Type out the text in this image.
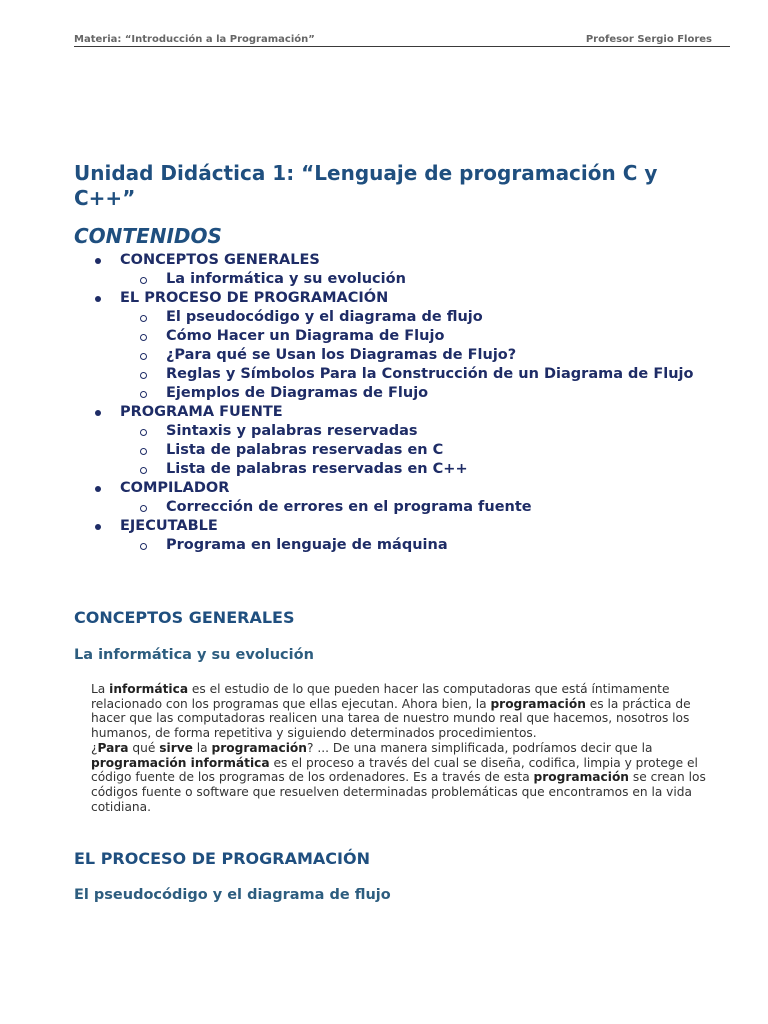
Materia: “Introducción a la Programación”	Profesor Sergio Flores
Unidad Didáctica 1: “Lenguaje de programación C y C++”
CONTENIDOS
CONCEPTOS GENERALES
La informática y su evolución
EL PROCESO DE PROGRAMACIÓN
El pseudocódigo y el diagrama de flujo
Cómo Hacer un Diagrama de Flujo
¿Para qué se Usan los Diagramas de Flujo?
Reglas y Símbolos Para la Construcción de un Diagrama de Flujo
Ejemplos de Diagramas de Flujo
PROGRAMA FUENTE
Sintaxis y palabras reservadas
Lista de palabras reservadas en C
Lista de palabras reservadas en C++
COMPILADOR
Corrección de errores en el programa fuente
EJECUTABLE
Programa en lenguaje de máquina
CONCEPTOS GENERALES
La informática y su evolución
La informática es el estudio de lo que pueden hacer las computadoras que está íntimamente relacionado con los programas que ellas ejecutan. Ahora bien, la programación es la práctica de hacer que las computadoras realicen una tarea de nuestro mundo real que hacemos, nosotros los humanos, de forma repetitiva y siguiendo determinados procedimientos.
¿Para qué sirve la programación? ... De una manera simplificada, podríamos decir que la programación informática es el proceso a través del cual se diseña, codifica, limpia y protege el código fuente de los programas de los ordenadores. Es a través de esta programación se crean los códigos fuente o software que resuelven determinadas problemáticas que encontramos en la vida cotidiana.
EL PROCESO DE PROGRAMACIÓN
El pseudocódigo y el diagrama de flujo
